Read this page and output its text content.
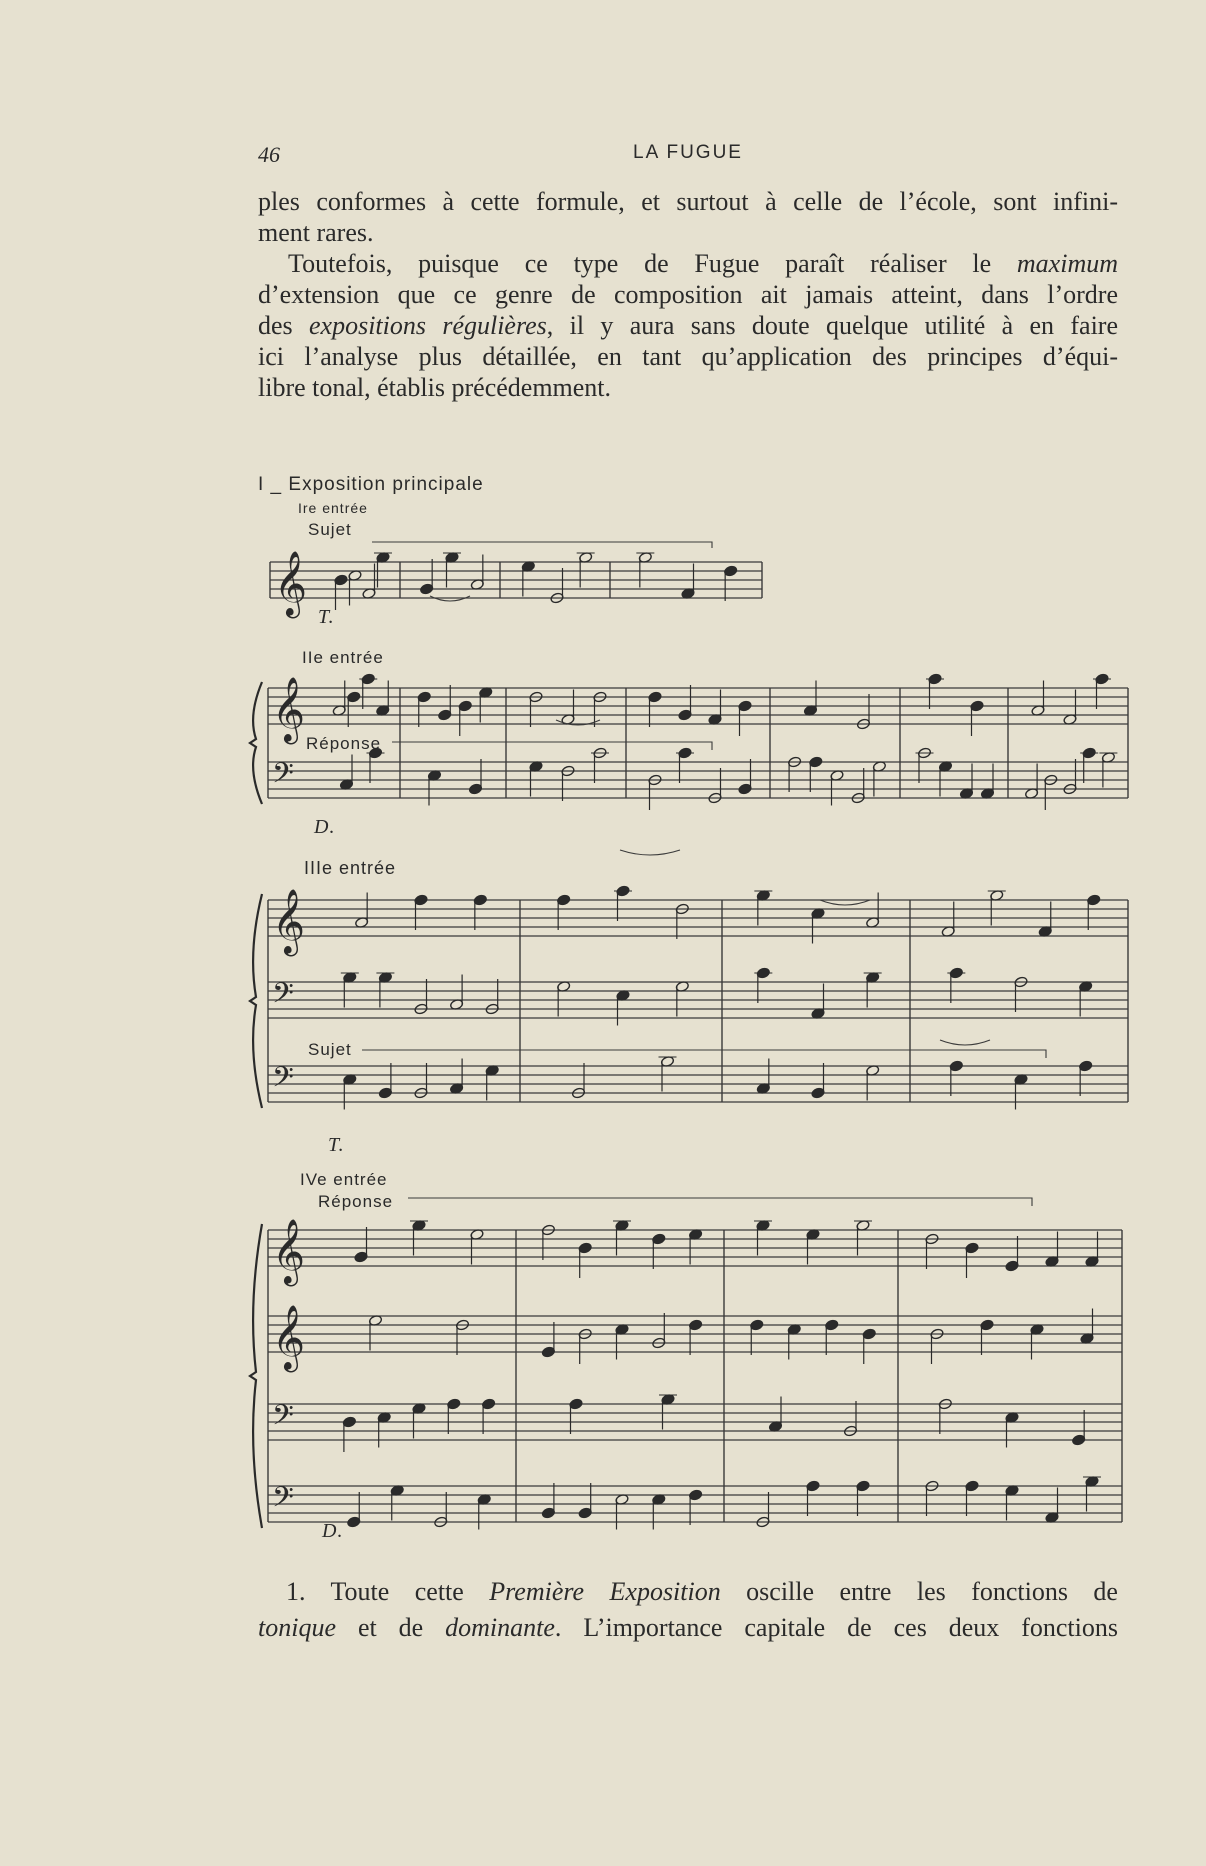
46	LA FUGUE

ples conformes à cette formule, et surtout à celle de l’école, sont infini-
ment rares.

Toutefois, puisque ce type de Fugue paraît réaliser le maximum
d’extension que ce genre de composition ait jamais atteint, dans l’ordre
des expositions régulières, il y aura sans doute quelque utilité à en faire
ici l’analyse plus détaillée, en tant qu’application des principes d’équi-
libre tonal, établis précédemment.

𝄞
𝄞
𝄢
𝄞
𝄢
𝄢
𝄞
𝄞
𝄢
𝄢
I _ Exposition principale
Ire entrée
Sujet
T.
IIe entrée
Réponse
D.
IIIe entrée
Sujet
T.
IVe entrée
Réponse
D.
1. Toute cette Première Exposition oscille entre les fonctions de
tonique et de dominante. L’importance capitale de ces deux fonctions
